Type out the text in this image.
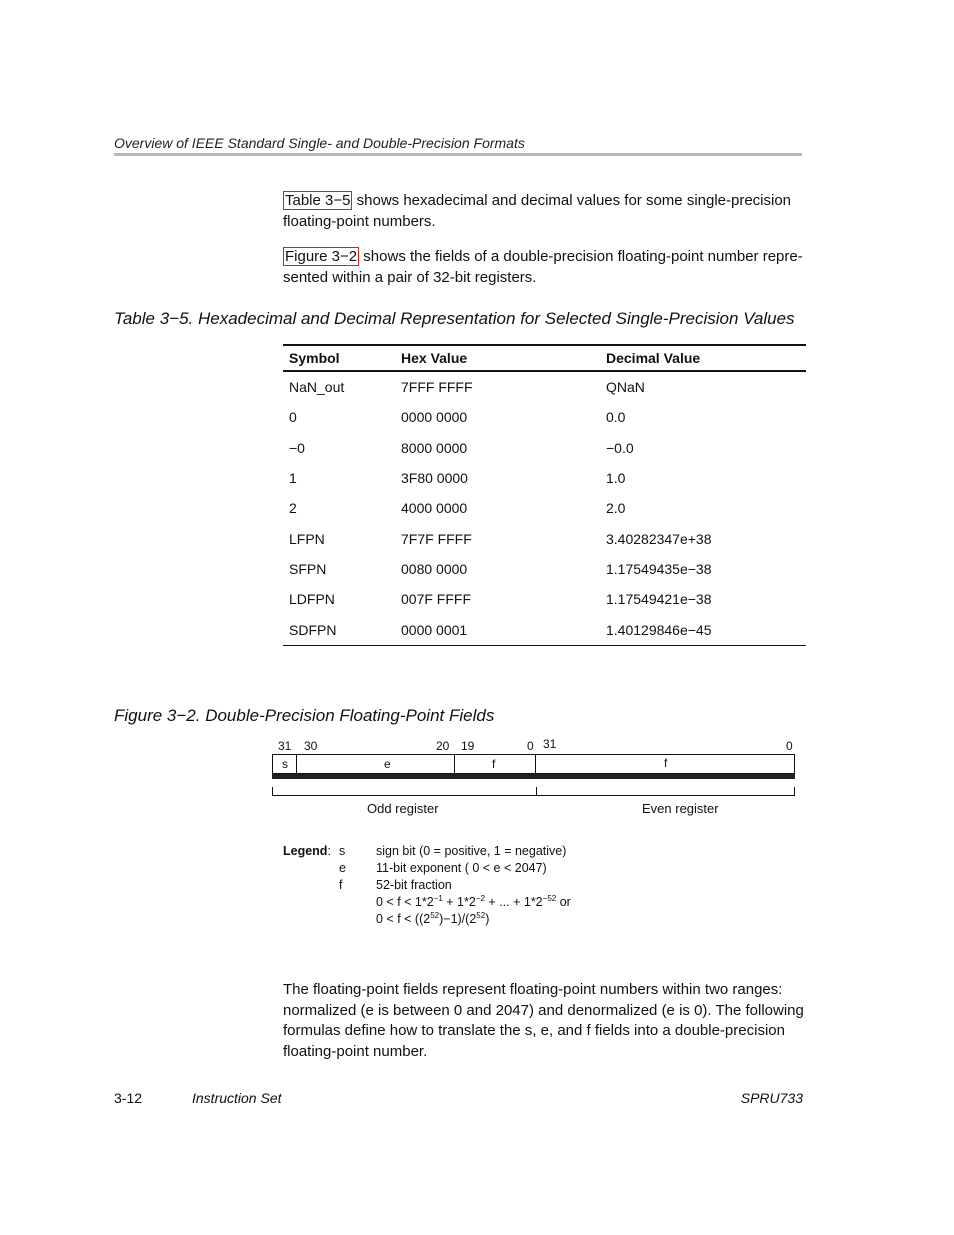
Overview of IEEE Standard Single- and Double-Precision Formats
Table 3−5 shows hexadecimal and decimal values for some single-precision floating-point numbers.
Figure 3−2 shows the fields of a double-precision floating-point number repre-sented within a pair of 32-bit registers.
Table 3−5. Hexadecimal and Decimal Representation for Selected Single-Precision Values
Symbol	Hex Value	Decimal Value
NaN_out	7FFF FFFF	QNaN
0	0000 0000	0.0
−0	8000 0000	−0.0
1	3F80 0000	1.0
2	4000 0000	2.0
LFPN	7F7F FFFF	3.40282347e+38
SFPN	0080 0000	1.17549435e−38
LDFPN	007F FFFF	1.17549421e−38
SDFPN	0000 0001	1.40129846e−45
Figure 3−2. Double-Precision Floating-Point Fields
31 30	20 19	0 31	0
s	e	f	f
Odd register	Even register
Legend: s sign bit (0 = positive, 1 = negative)
e 11-bit exponent ( 0 < e < 2047)
f	52-bit fraction
$0 < f < 1*2^{-1} + 1*2^{-2}$ + ... + $1*2^{-52}$ or
$0 < f < ((2^{52})-1)/(2^{52})$
The floating-point fields represent floating-point numbers within two ranges: normalized (e is between 0 and 2047) and denormalized (e is 0). The following formulas define how to translate the s, e, and f fields into a double-precision floating-point number.
3-12	Instruction Set	SPRU733
